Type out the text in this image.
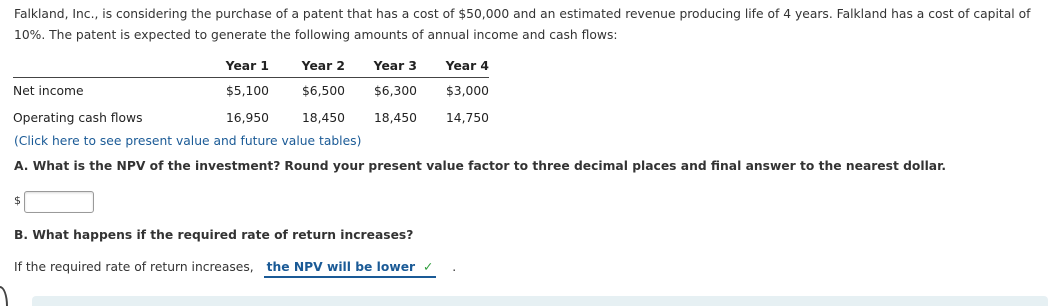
Falkland, Inc., is considering the purchase of a patent that has a cost of $50,000 and an estimated revenue producing life of 4 years. Falkland has a cost of capital of 10%. The patent is expected to generate the following amounts of annual income and cash flows:
	Year 1	Year 2	Year 3	Year 4
Net income	$5,100	$6,500	$6,300	$3,000
Operating cash flows	16,950	18,450	18,450	14,750
(Click here to see present value and future value tables)
A. What is the NPV of the investment? Round your present value factor to three decimal places and final answer to the nearest dollar.
$
B. What happens if the required rate of return increases?
If the required rate of return increases, the NPV will be lower ✓ .
